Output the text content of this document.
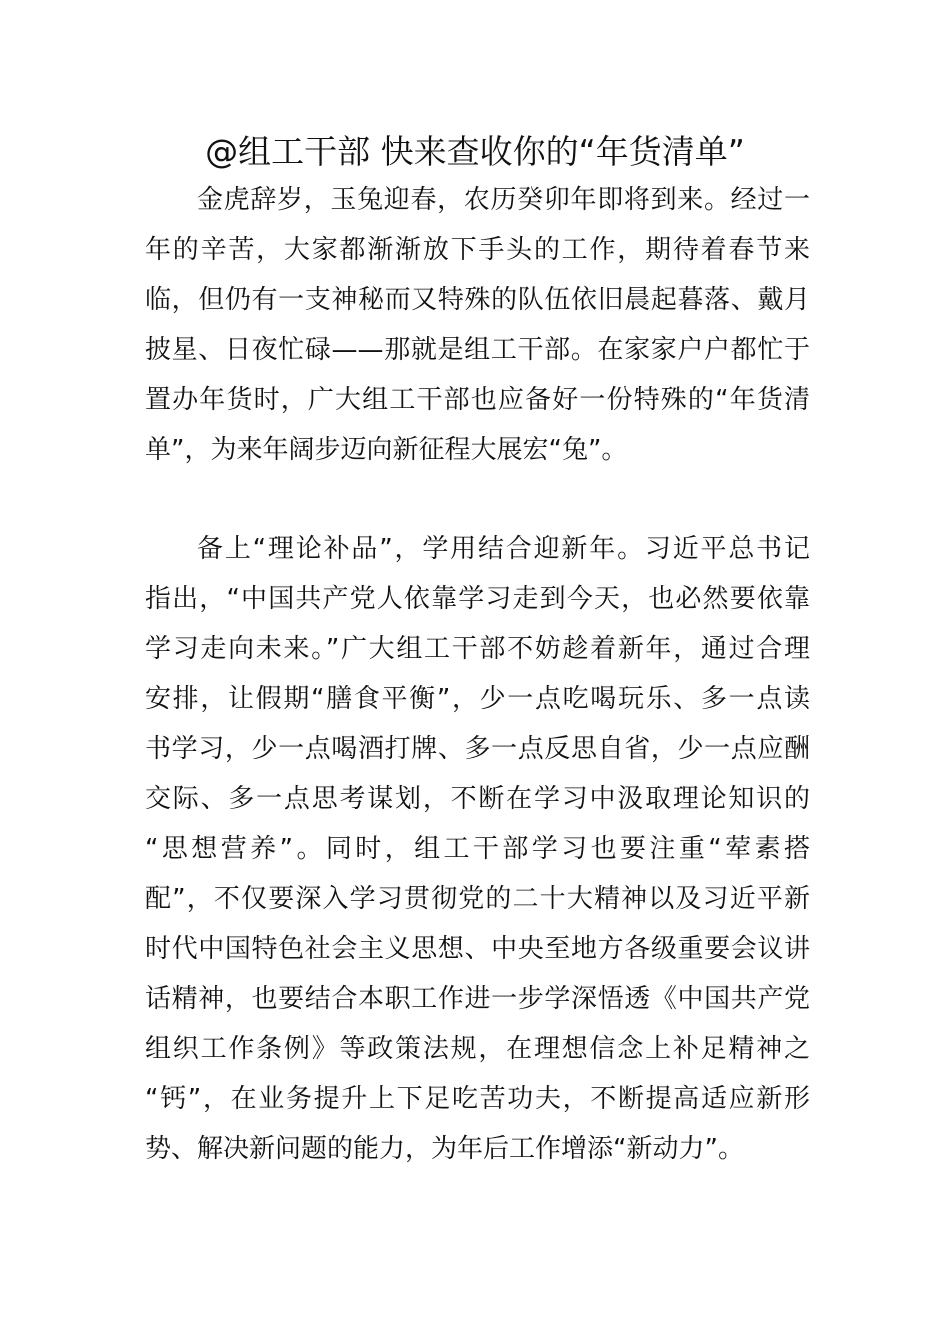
@组工干部 快来查收你的“年货清单”
金虎辞岁，玉兔迎春，农历癸卯年即将到来。经过一
年的辛苦，大家都渐渐放下手头的工作，期待着春节来
临，但仍有一支神秘而又特殊的队伍依旧晨起暮落、戴月
披星、日夜忙碌——那就是组工干部。在家家户户都忙于
置办年货时，广大组工干部也应备好一份特殊的“年货清
单”，为来年阔步迈向新征程大展宏“兔”。
备上“理论补品”，学用结合迎新年。习近平总书记
指出，“中国共产党人依靠学习走到今天，也必然要依靠
学习走向未来。”广大组工干部不妨趁着新年，通过合理
安排，让假期“膳食平衡”，少一点吃喝玩乐、多一点读
书学习，少一点喝酒打牌、多一点反思自省，少一点应酬
交际、多一点思考谋划，不断在学习中汲取理论知识的
“思想营养”。同时，组工干部学习也要注重“荤素搭
配”，不仅要深入学习贯彻党的二十大精神以及习近平新
时代中国特色社会主义思想、中央至地方各级重要会议讲
话精神，也要结合本职工作进一步学深悟透《中国共产党
组织工作条例》等政策法规，在理想信念上补足精神之
“钙”，在业务提升上下足吃苦功夫，不断提高适应新形
势、解决新问题的能力，为年后工作增添“新动力”。
